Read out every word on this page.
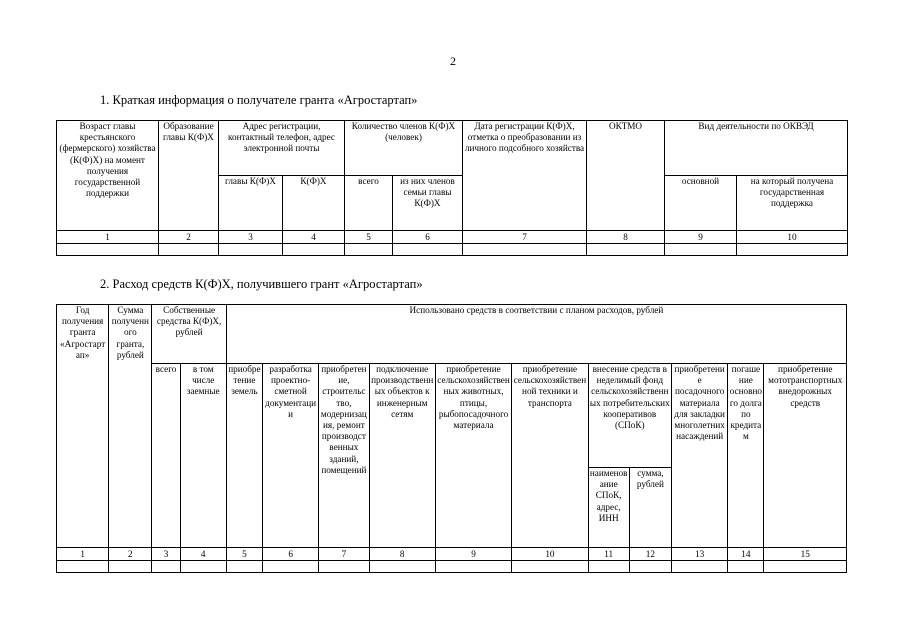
2
1. Краткая информация о получателе гранта «Агростартап»
Возраст главы крестьянского (фермерского) хозяйства (К(Ф)Х) на момент получения государственной поддержки	Образование главы К(Ф)Х	Адрес регистрации, контактный телефон, адрес электронной почты		Количество членов К(Ф)Х (человек)		Дата регистрации К(Ф)Х, отметка о преобразовании из личного подсобного хозяйства	ОКТМО	Вид деятельности по ОКВЭД	
		главы К(Ф)Х	К(Ф)Х	всего	из них членов семьи главы К(Ф)Х			основной	на который получена государственная поддержка
1	2	3	4	5	6	7	8	9	10

2. Расход средств К(Ф)Х, получившего грант «Агростартап»
Год получения гранта «Агростартап»	Сумма полученного гранта, рублей	Собственные средства К(Ф)Х, рублей		Использовано средств в соответствии с планом расходов, рублей										
		всего	в том числе заемные	приобретение земель	разработка проектно-сметной документации	приобретение, строительство, модернизация, ремонт производственных зданий, помещений	подключение производственных объектов к инженерным сетям	приобретение сельскохозяйственных животных, птицы, рыбопосадочного материала	приобретение сельскохозяйственной техники и транспорта	внесение средств в неделимый фонд сельскохозяйственных потребительских кооперативов (СПоК)		приобретение посадочного материала для закладки многолетних насаждений	погашение основного долга по кредитам	приобретение мототранспортных внедорожных средств
										наименование СПоК, адрес, ИНН	сумма, рублей			
1	2	3	4	5	6	7	8	9	10	11	12	13	14	15
